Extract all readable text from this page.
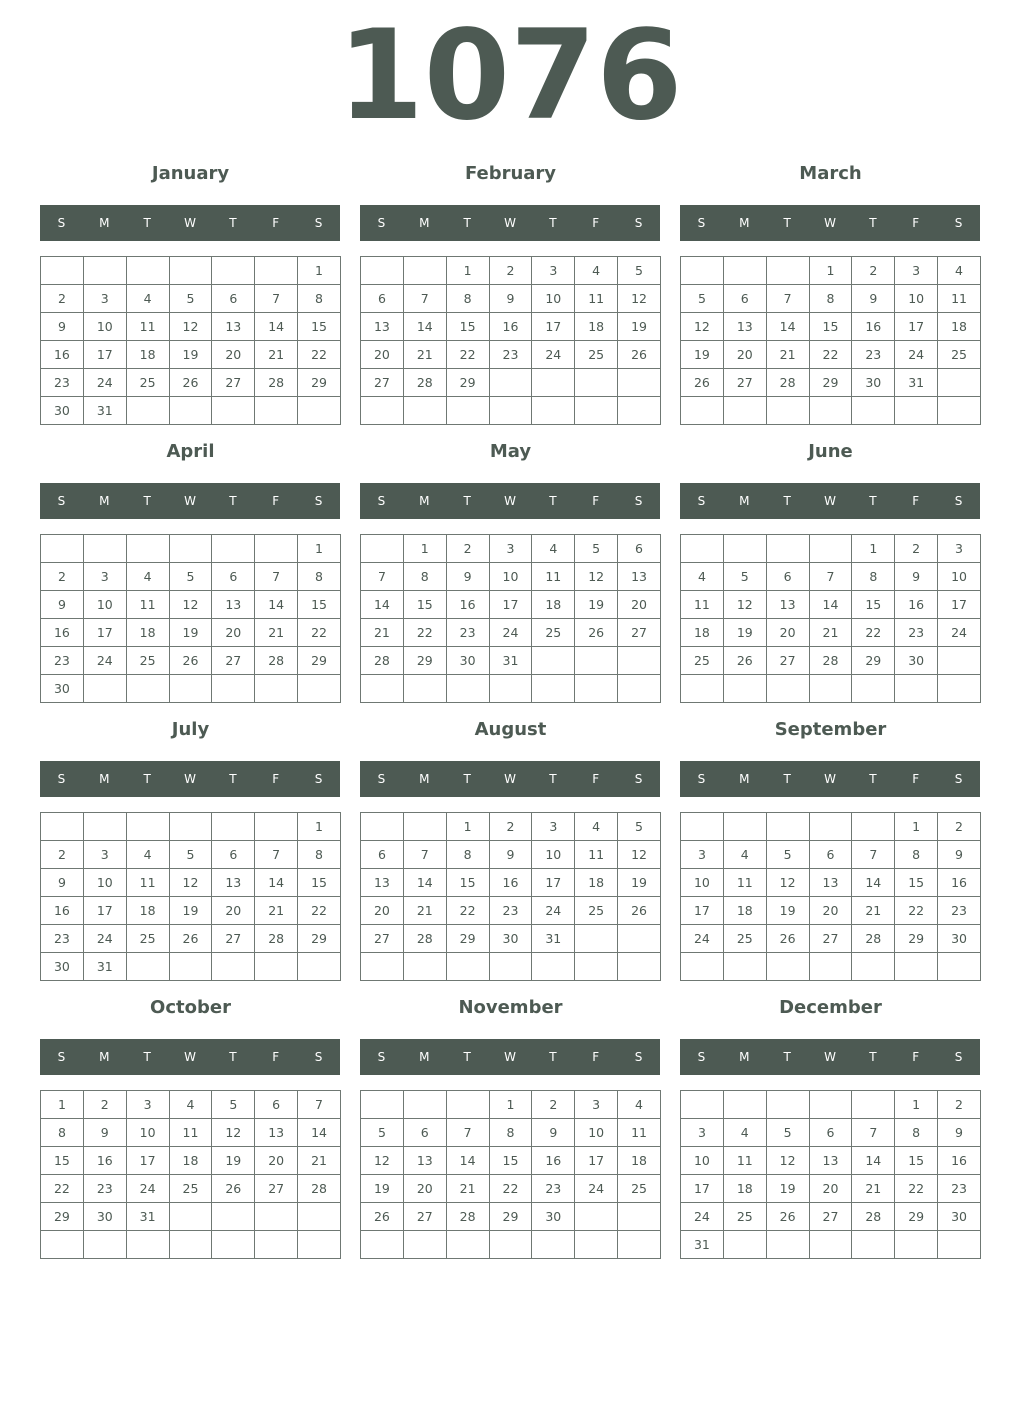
1076
January
S	M	T	W	T	F	S
						1
2	3	4	5	6	7	8
9	10	11	12	13	14	15
16	17	18	19	20	21	22
23	24	25	26	27	28	29
30	31					
February
S	M	T	W	T	F	S
		1	2	3	4	5
6	7	8	9	10	11	12
13	14	15	16	17	18	19
20	21	22	23	24	25	26
27	28	29				

March
S	M	T	W	T	F	S
			1	2	3	4
5	6	7	8	9	10	11
12	13	14	15	16	17	18
19	20	21	22	23	24	25
26	27	28	29	30	31	

April
S	M	T	W	T	F	S
						1
2	3	4	5	6	7	8
9	10	11	12	13	14	15
16	17	18	19	20	21	22
23	24	25	26	27	28	29
30						
May
S	M	T	W	T	F	S
	1	2	3	4	5	6
7	8	9	10	11	12	13
14	15	16	17	18	19	20
21	22	23	24	25	26	27
28	29	30	31			

June
S	M	T	W	T	F	S
				1	2	3
4	5	6	7	8	9	10
11	12	13	14	15	16	17
18	19	20	21	22	23	24
25	26	27	28	29	30	

July
S	M	T	W	T	F	S
						1
2	3	4	5	6	7	8
9	10	11	12	13	14	15
16	17	18	19	20	21	22
23	24	25	26	27	28	29
30	31					
August
S	M	T	W	T	F	S
		1	2	3	4	5
6	7	8	9	10	11	12
13	14	15	16	17	18	19
20	21	22	23	24	25	26
27	28	29	30	31		

September
S	M	T	W	T	F	S
					1	2
3	4	5	6	7	8	9
10	11	12	13	14	15	16
17	18	19	20	21	22	23
24	25	26	27	28	29	30

October
S	M	T	W	T	F	S
1	2	3	4	5	6	7
8	9	10	11	12	13	14
15	16	17	18	19	20	21
22	23	24	25	26	27	28
29	30	31				

November
S	M	T	W	T	F	S
			1	2	3	4
5	6	7	8	9	10	11
12	13	14	15	16	17	18
19	20	21	22	23	24	25
26	27	28	29	30		

December
S	M	T	W	T	F	S
					1	2
3	4	5	6	7	8	9
10	11	12	13	14	15	16
17	18	19	20	21	22	23
24	25	26	27	28	29	30
31						
